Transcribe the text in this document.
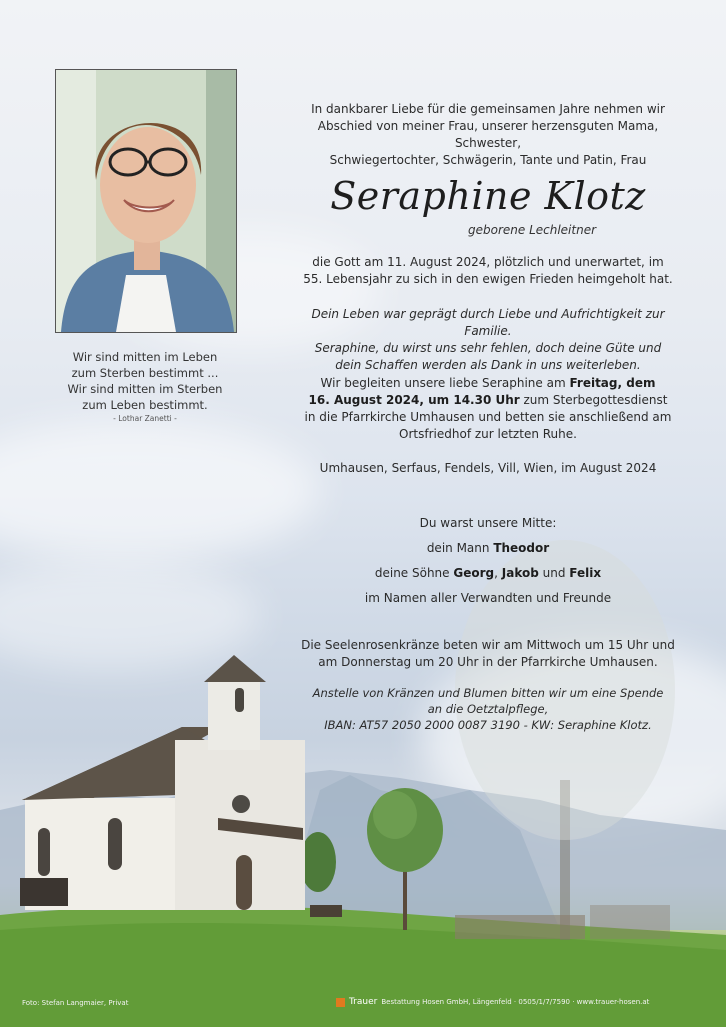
Wir sind mitten im Leben
zum Sterben bestimmt ...
Wir sind mitten im Sterben
zum Leben bestimmt.
- Lothar Zanetti -
In dankbarer Liebe für die gemeinsamen Jahre nehmen wir
Abschied von meiner Frau, unserer herzensguten Mama, Schwester,
Schwiegertochter, Schwägerin, Tante und Patin, Frau
Seraphine Klotz
geborene Lechleitner
die Gott am 11. August 2024, plötzlich und unerwartet, im
55. Lebensjahr zu sich in den ewigen Frieden heimgeholt hat.
Dein Leben war geprägt durch Liebe und Aufrichtigkeit zur Familie.
Seraphine, du wirst uns sehr fehlen, doch deine Güte und
dein Schaffen werden als Dank in uns weiterleben.
Wir begleiten unsere liebe Seraphine am Freitag, dem
16. August 2024, um 14.30 Uhr zum Sterbegottesdienst
in die Pfarrkirche Umhausen und betten sie anschließend am
Ortsfriedhof zur letzten Ruhe.
Umhausen, Serfaus, Fendels, Vill, Wien, im August 2024
Du warst unsere Mitte:
dein Mann Theodor
deine Söhne Georg, Jakob und Felix
im Namen aller Verwandten und Freunde
Die Seelenrosenkränze beten wir am Mittwoch um 15 Uhr und
am Donnerstag um 20 Uhr in der Pfarrkirche Umhausen.
Anstelle von Kränzen und Blumen bitten wir um eine Spende
an die Oetztalpflege,
IBAN: AT57 2050 2000 0087 3190 - KW: Seraphine Klotz.
Foto: Stefan Langmaier, Privat	Trauer Bestattung Hosen GmbH, Längenfeld · 0505/1/7/7590 · www.trauer-hosen.at
